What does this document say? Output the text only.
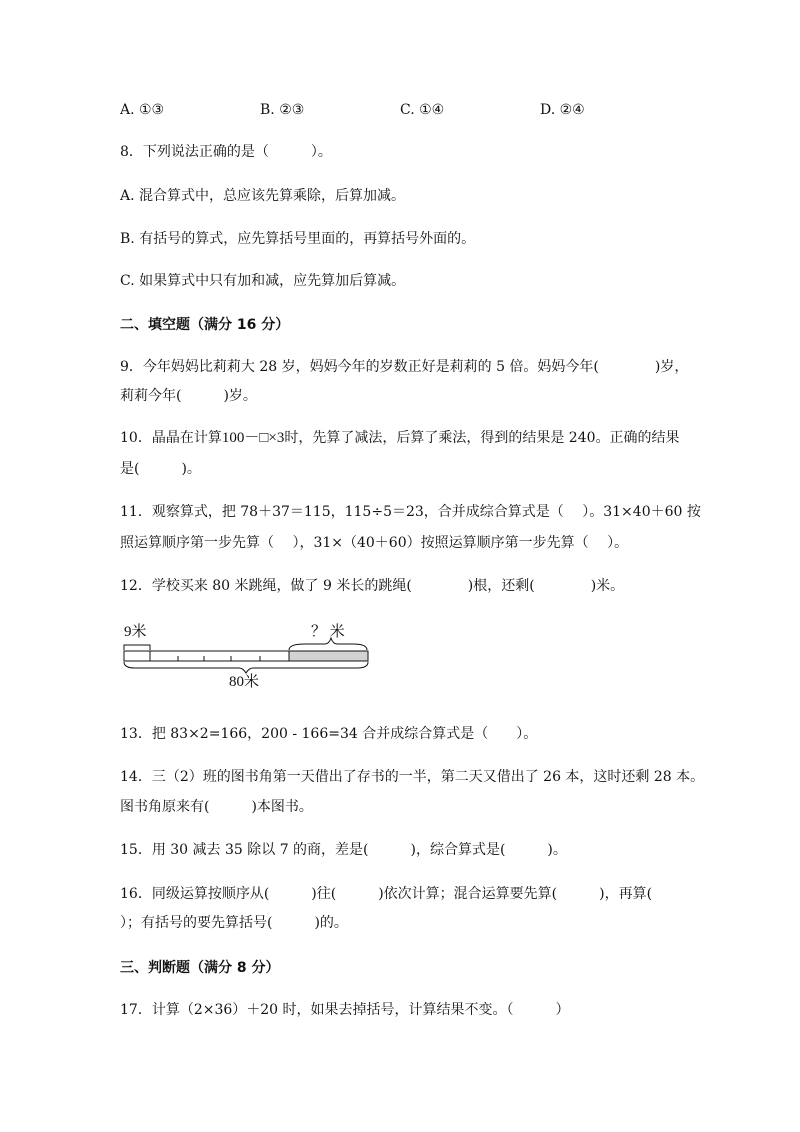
A. ①③	B. ②③	C. ①④	D. ②④
8．下列说法正确的是（　　　）。
A. 混合算式中，总应该先算乘除，后算加减。
B. 有括号的算式，应先算括号里面的，再算括号外面的。
C. 如果算式中只有加和减，应先算加后算减。
二、填空题（满分 16 分）
9．今年妈妈比莉莉大 28 岁，妈妈今年的岁数正好是莉莉的 5 倍。妈妈今年(　　　　)岁，
莉莉今年(　　　)岁。
10．晶晶在计算100－□×3时，先算了减法，后算了乘法，得到的结果是 240。正确的结果
是(　　　)。
11．观察算式，把 78＋37＝115，115÷5＝23，合并成综合算式是（　 ）。31×40＋60 按
照运算顺序第一步先算（　 ），31×（40＋60）按照运算顺序第一步先算（　 ）。
12．学校买来 80 米跳绳，做了 9 米长的跳绳(　　　　)根，还剩(　　　　)米。
9米	？ 米
80米
13．把 83×2=166，200 - 166=34 合并成综合算式是（　　）。
14．三（2）班的图书角第一天借出了存书的一半，第二天又借出了 26 本，这时还剩 28 本。
图书角原来有(　　　)本图书。
15．用 30 减去 35 除以 7 的商，差是(　　　)，综合算式是(　　　)。
16．同级运算按顺序从(　　　)往(　　　)依次计算；混合运算要先算(　　　)，再算(
）；有括号的要先算括号(　　　)的。
三、判断题（满分 8 分）
17．计算（2×36）＋20 时，如果去掉括号，计算结果不变。（　　　）
